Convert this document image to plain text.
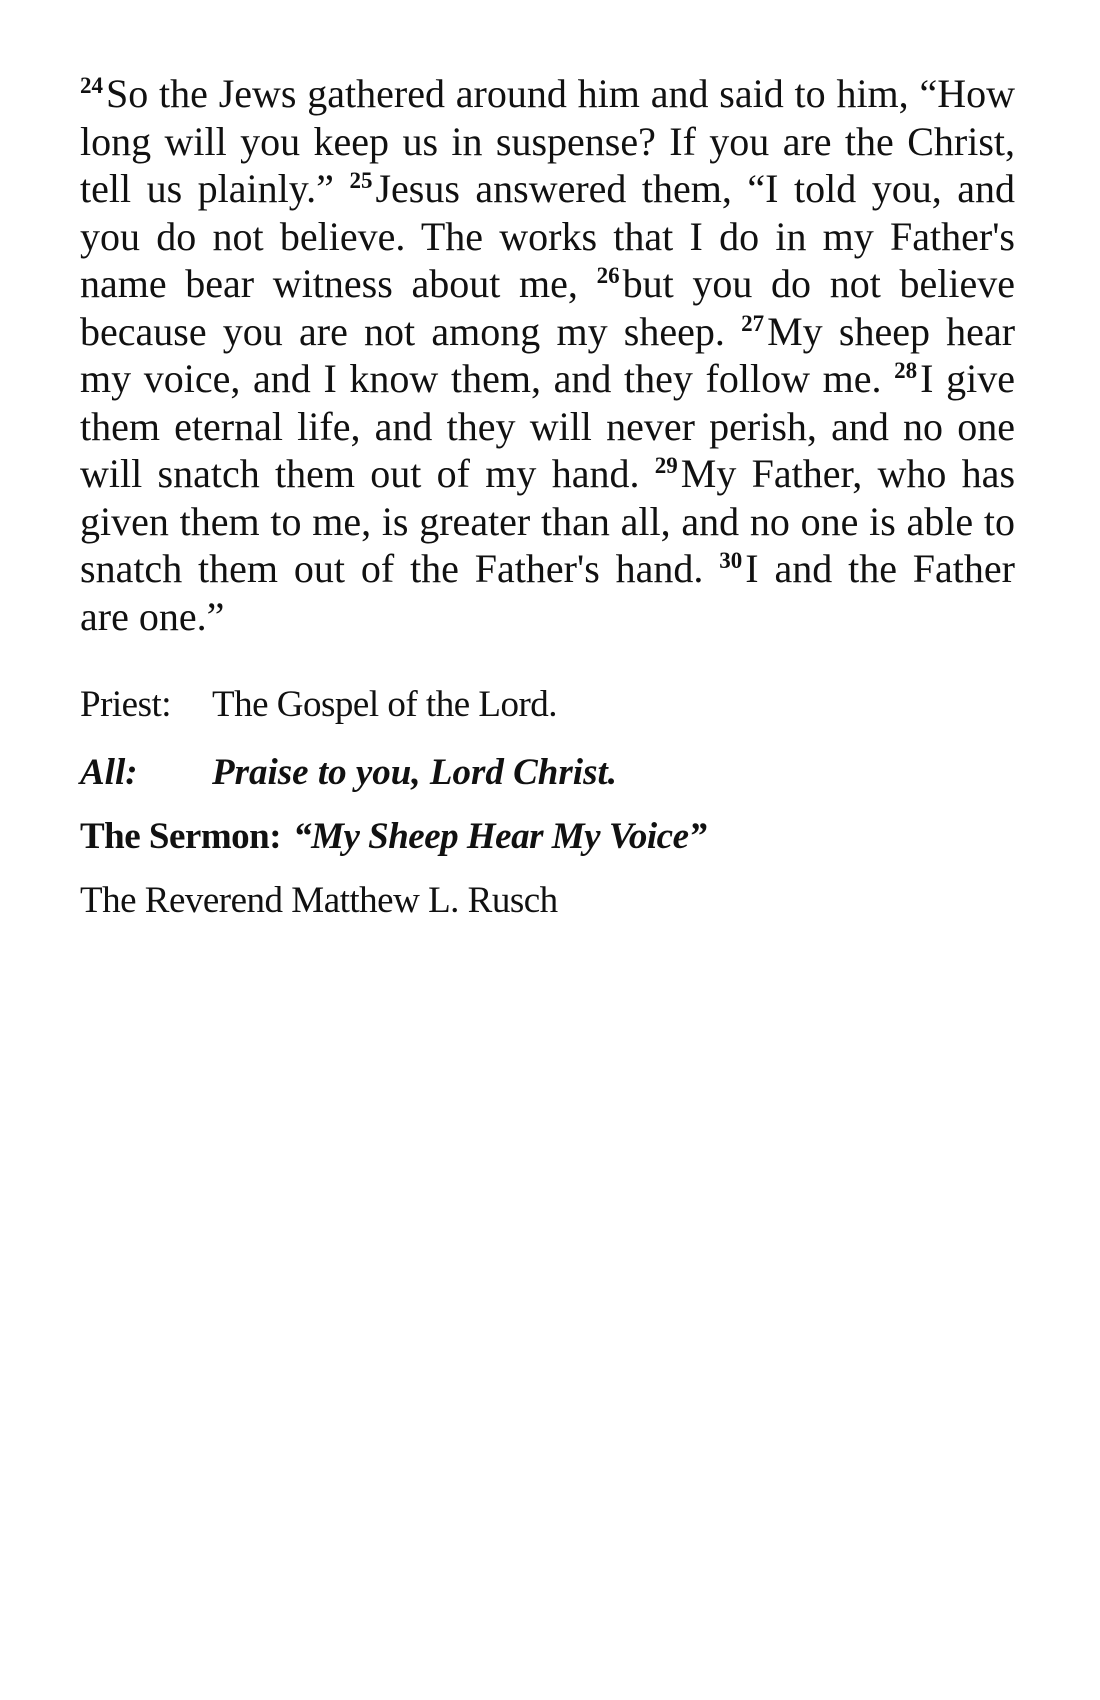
$^{24}$So the Jews gathered around him and said to him, “How long will you keep us in suspense? If you are the Christ, tell us plainly.” $^{25}$Jesus answered them, “I told you, and you do not believe. The works that I do in my Father's name bear witness about me, $^{26}$but you do not believe because you are not among my sheep. $^{27}$My sheep hear my voice, and I know them, and they follow me. $^{28}$I give them eternal life, and they will never perish, and no one will snatch them out of my hand. $^{29}$My Father, who has given them to me, is greater than all, and no one is able to snatch them out of the Father's hand. $^{30}$I and the Father are one.”

Priest:	The Gospel of the Lord.
All:	Praise to you, Lord Christ.
The Sermon: “My Sheep Hear My Voice”
The Reverend Matthew L. Rusch
